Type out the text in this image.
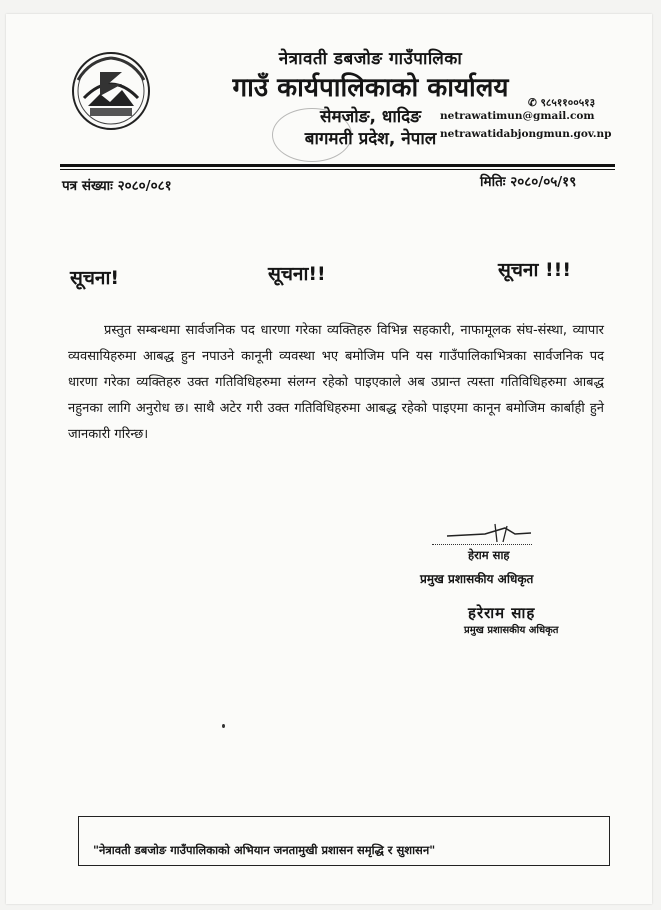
नेत्रावती डबजोङ गाउँपालिका
गाउँ कार्यपालिकाको कार्यालय
सेमजोङ, धादिङ
बागमती प्रदेश, नेपाल
✆ ९८५११००५१३
netrawatimun@gmail.com
netrawatidabjongmun.gov.np
पत्र संख्याः २०८०/०८१	मितिः २०८०/०५/१९
सूचना!	सूचना!!	सूचना !!!
प्रस्तुत सम्बन्धमा सार्वजनिक पद धारणा गरेका व्यक्तिहरु विभिन्न सहकारी, नाफामूलक संघ-संस्था, व्यापार व्यवसायिहरुमा आबद्ध हुन नपाउने कानूनी व्यवस्था भए बमोजिम पनि यस गाउँपालिकाभित्रका सार्वजनिक पद धारणा गरेका व्यक्तिहरु उक्त गतिविधिहरुमा संलग्न रहेको पाइएकाले अब उप्रान्त त्यस्ता गतिविधिहरुमा आबद्ध नहुनका लागि अनुरोध छ। साथै अटेर गरी उक्त गतिविधिहरुमा आबद्ध रहेको पाइएमा कानून बमोजिम कार्बाही हुने जानकारी गरिन्छ।
हेराम साह
प्रमुख प्रशासकीय अधिकृत
हरेराम साह
प्रमुख प्रशासकीय अधिकृत
"नेत्रावती डबजोङ गाउँपालिकाको अभियान जनतामुखी प्रशासन समृद्धि र सुशासन"
